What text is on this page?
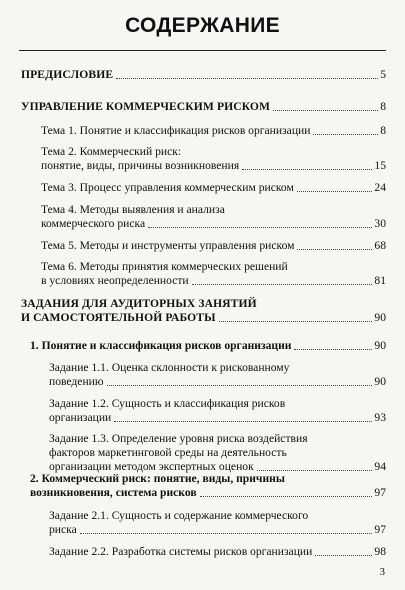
СОДЕРЖАНИЕ
ПРЕДИСЛОВИЕ	5
УПРАВЛЕНИЕ КОММЕРЧЕСКИМ РИСКОМ	8
Тема 1. Понятие и классификация рисков организации	8
Тема 2. Коммерческий риск:
понятие, виды, причины возникновения	15
Тема 3. Процесс управления коммерческим риском	24
Тема 4. Методы выявления и анализа
коммерческого риска	30
Тема 5. Методы и инструменты управления риском	68
Тема 6. Методы принятия коммерческих решений
в условиях неопределенности	81
ЗАДАНИЯ ДЛЯ АУДИТОРНЫХ ЗАНЯТИЙ
И САМОСТОЯТЕЛЬНОЙ РАБОТЫ	90
1. Понятие и классификация рисков организации	90
Задание 1.1. Оценка склонности к рискованному
поведению	90
Задание 1.2. Сущность и классификация рисков
организации	93
Задание 1.3. Определение уровня риска воздействия
факторов маркетинговой среды на деятельность
организации методом экспертных оценок	94
2. Коммерческий риск: понятие, виды, причины
возникновения, система рисков	97
Задание 2.1. Сущность и содержание коммерческого
риска	97
Задание 2.2. Разработка системы рисков организации	98
3
